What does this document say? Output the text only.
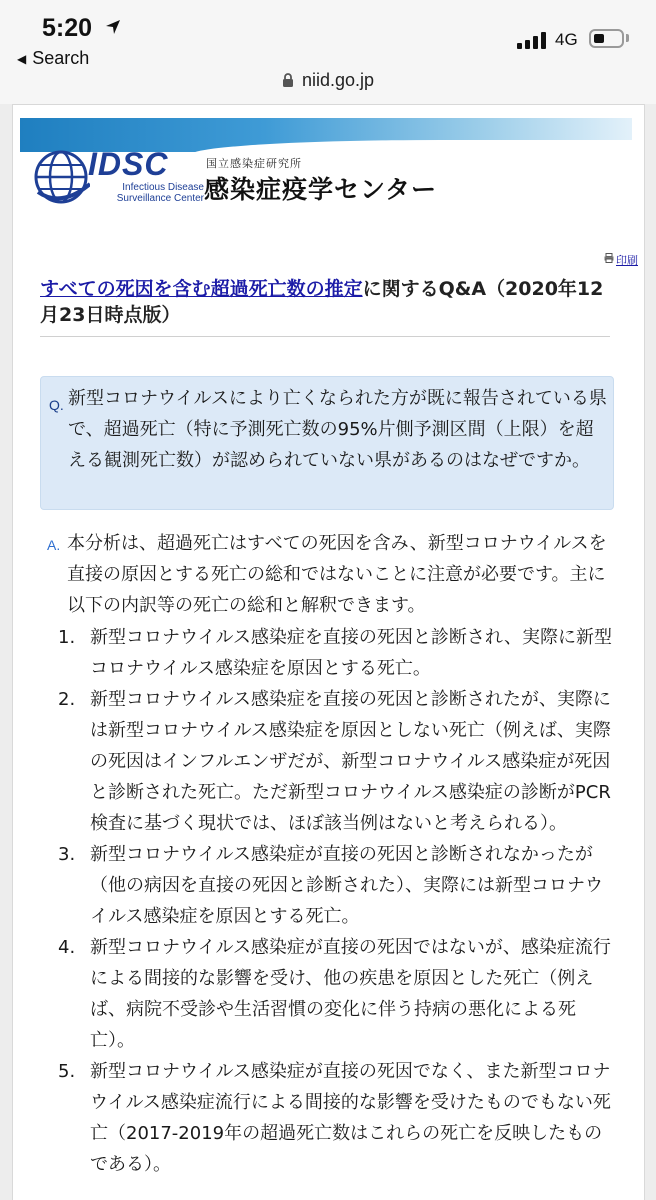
5:20
◀ Search
4G
niid.go.jp
IDSC
Infectious Disease
Surveillance Center
国立感染症研究所
感染症疫学センター
印刷
すべての死因を含む超過死亡数の推定に関するQ&A（2020年12月23日時点版）
Q. 新型コロナウイルスにより亡くなられた方が既に報告されている県で、超過死亡（特に予測死亡数の95%片側予測区間（上限）を超える観測死亡数）が認められていない県があるのはなぜですか。
A. 本分析は、超過死亡はすべての死因を含み、新型コロナウイルスを直接の原因とする死亡の総和ではないことに注意が必要です。主に以下の内訳等の死亡の総和と解釈できます。
1. 新型コロナウイルス感染症を直接の死因と診断され、実際に新型コロナウイルス感染症を原因とする死亡。
2. 新型コロナウイルス感染症を直接の死因と診断されたが、実際には新型コロナウイルス感染症を原因としない死亡（例えば、実際の死因はインフルエンザだが、新型コロナウイルス感染症が死因と診断された死亡。ただ新型コロナウイルス感染症の診断がPCR検査に基づく現状では、ほぼ該当例はないと考えられる）。
3. 新型コロナウイルス感染症が直接の死因と診断されなかったが（他の病因を直接の死因と診断された）、実際には新型コロナウイルス感染症を原因とする死亡。
4. 新型コロナウイルス感染症が直接の死因ではないが、感染症流行による間接的な影響を受け、他の疾患を原因とした死亡（例えば、病院不受診や生活習慣の変化に伴う持病の悪化による死亡）。
5. 新型コロナウイルス感染症が直接の死因でなく、また新型コロナウイルス感染症流行による間接的な影響を受けたものでもない死亡（2017-2019年の超過死亡数はこれらの死亡を反映したものである）。
